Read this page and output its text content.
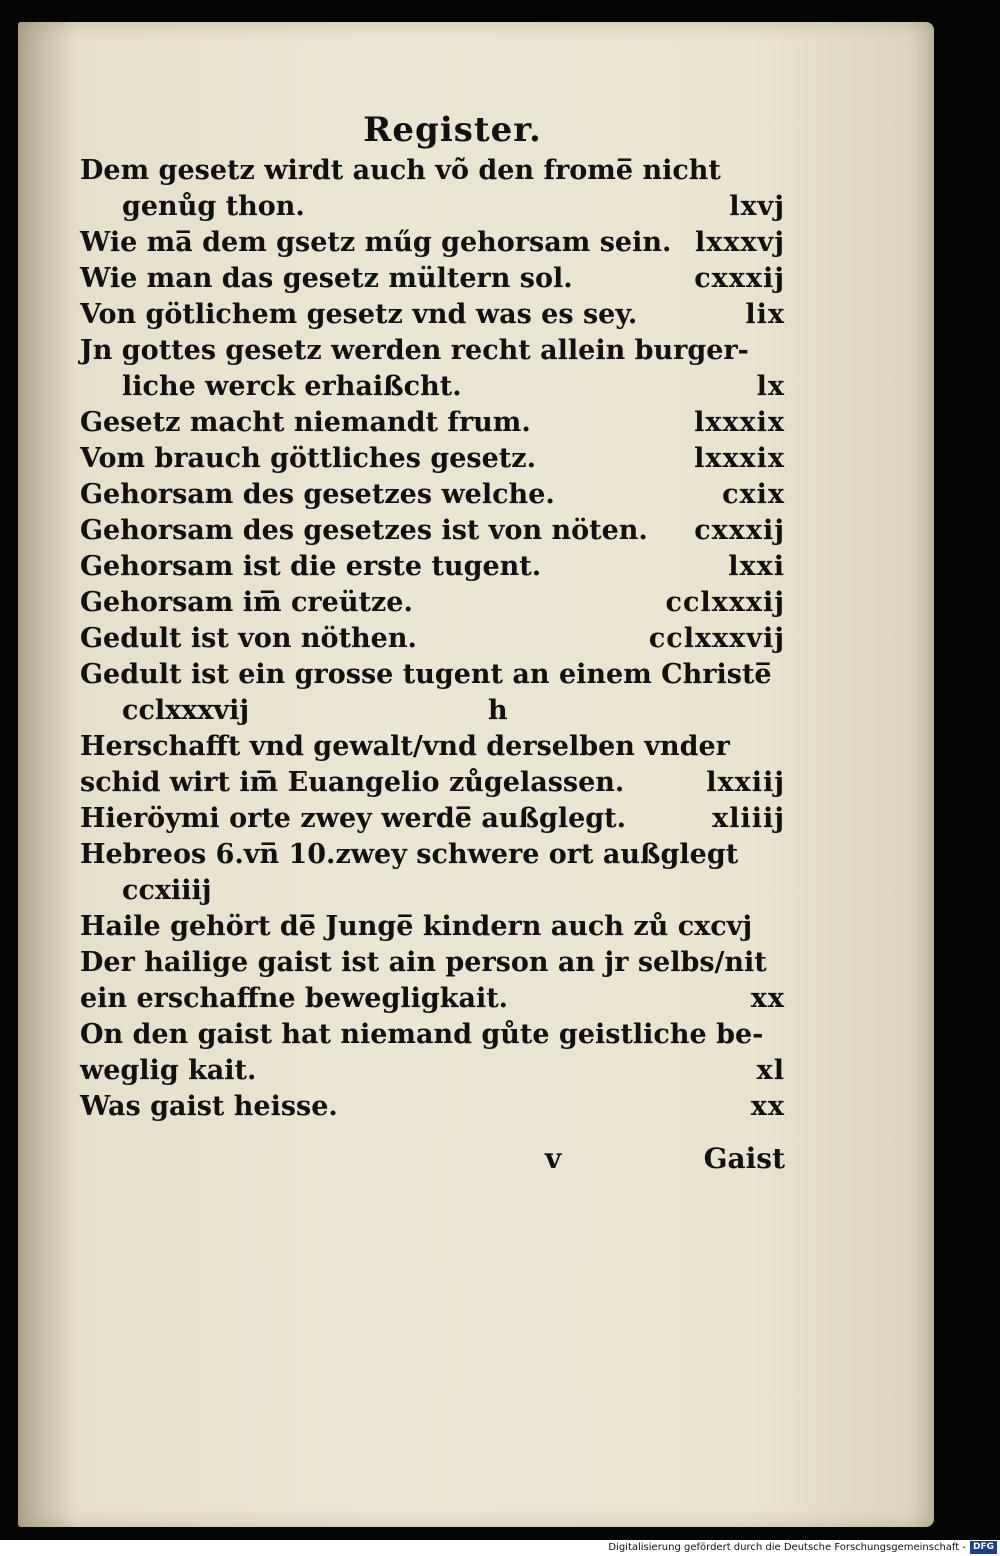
Register.
Dem gesetz wirdt auch võ den frome̅ nicht
genůg thon.	lxvj
Wie ma̅ dem gsetz műg gehorsam sein. lxxxvj
Wie man das gesetz mültern sol.	cxxxij
Von götlichem gesetz vnd was es sey.	lix
Jn gottes gesetz werden recht allein burger-
liche werck erhaißcht.	lx
Gesetz macht niemandt frum.	lxxxix
Vom brauch göttliches gesetz.	lxxxix
Gehorsam des gesetzes welche.	cxix
Gehorsam des gesetzes ist von nöten. cxxxij
Gehorsam ist die erste tugent.	lxxi
Gehorsam im̅ creütze.	cclxxxij
Gedult ist von nöthen.	cclxxxvij
Gedult ist ein grosse tugent an einem Christe̅
cclxxxvij	h
Herschafft vnd gewalt/vnd derselben vnder
schid wirt im̅ Euangelio zůgelassen.	lxxiij
Hieröymi orte zwey werde̅ außglegt.	xliiij
Hebreos 6.vn̅ 10.zwey schwere ort außglegt
ccxiiij
Haile gehört de̅ Junge̅ kindern auch zů cxcvj
Der hailige gaist ist ain person an jr selbs/nit
ein erschaffne bewegligkait.	xx
On den gaist hat niemand gůte geistliche be-
weglig kait.	xl
Was gaist heisse.	xx
v	Gaist
Digitalisierung gefördert durch die Deutsche Forschungsgemeinschaft - DFG
